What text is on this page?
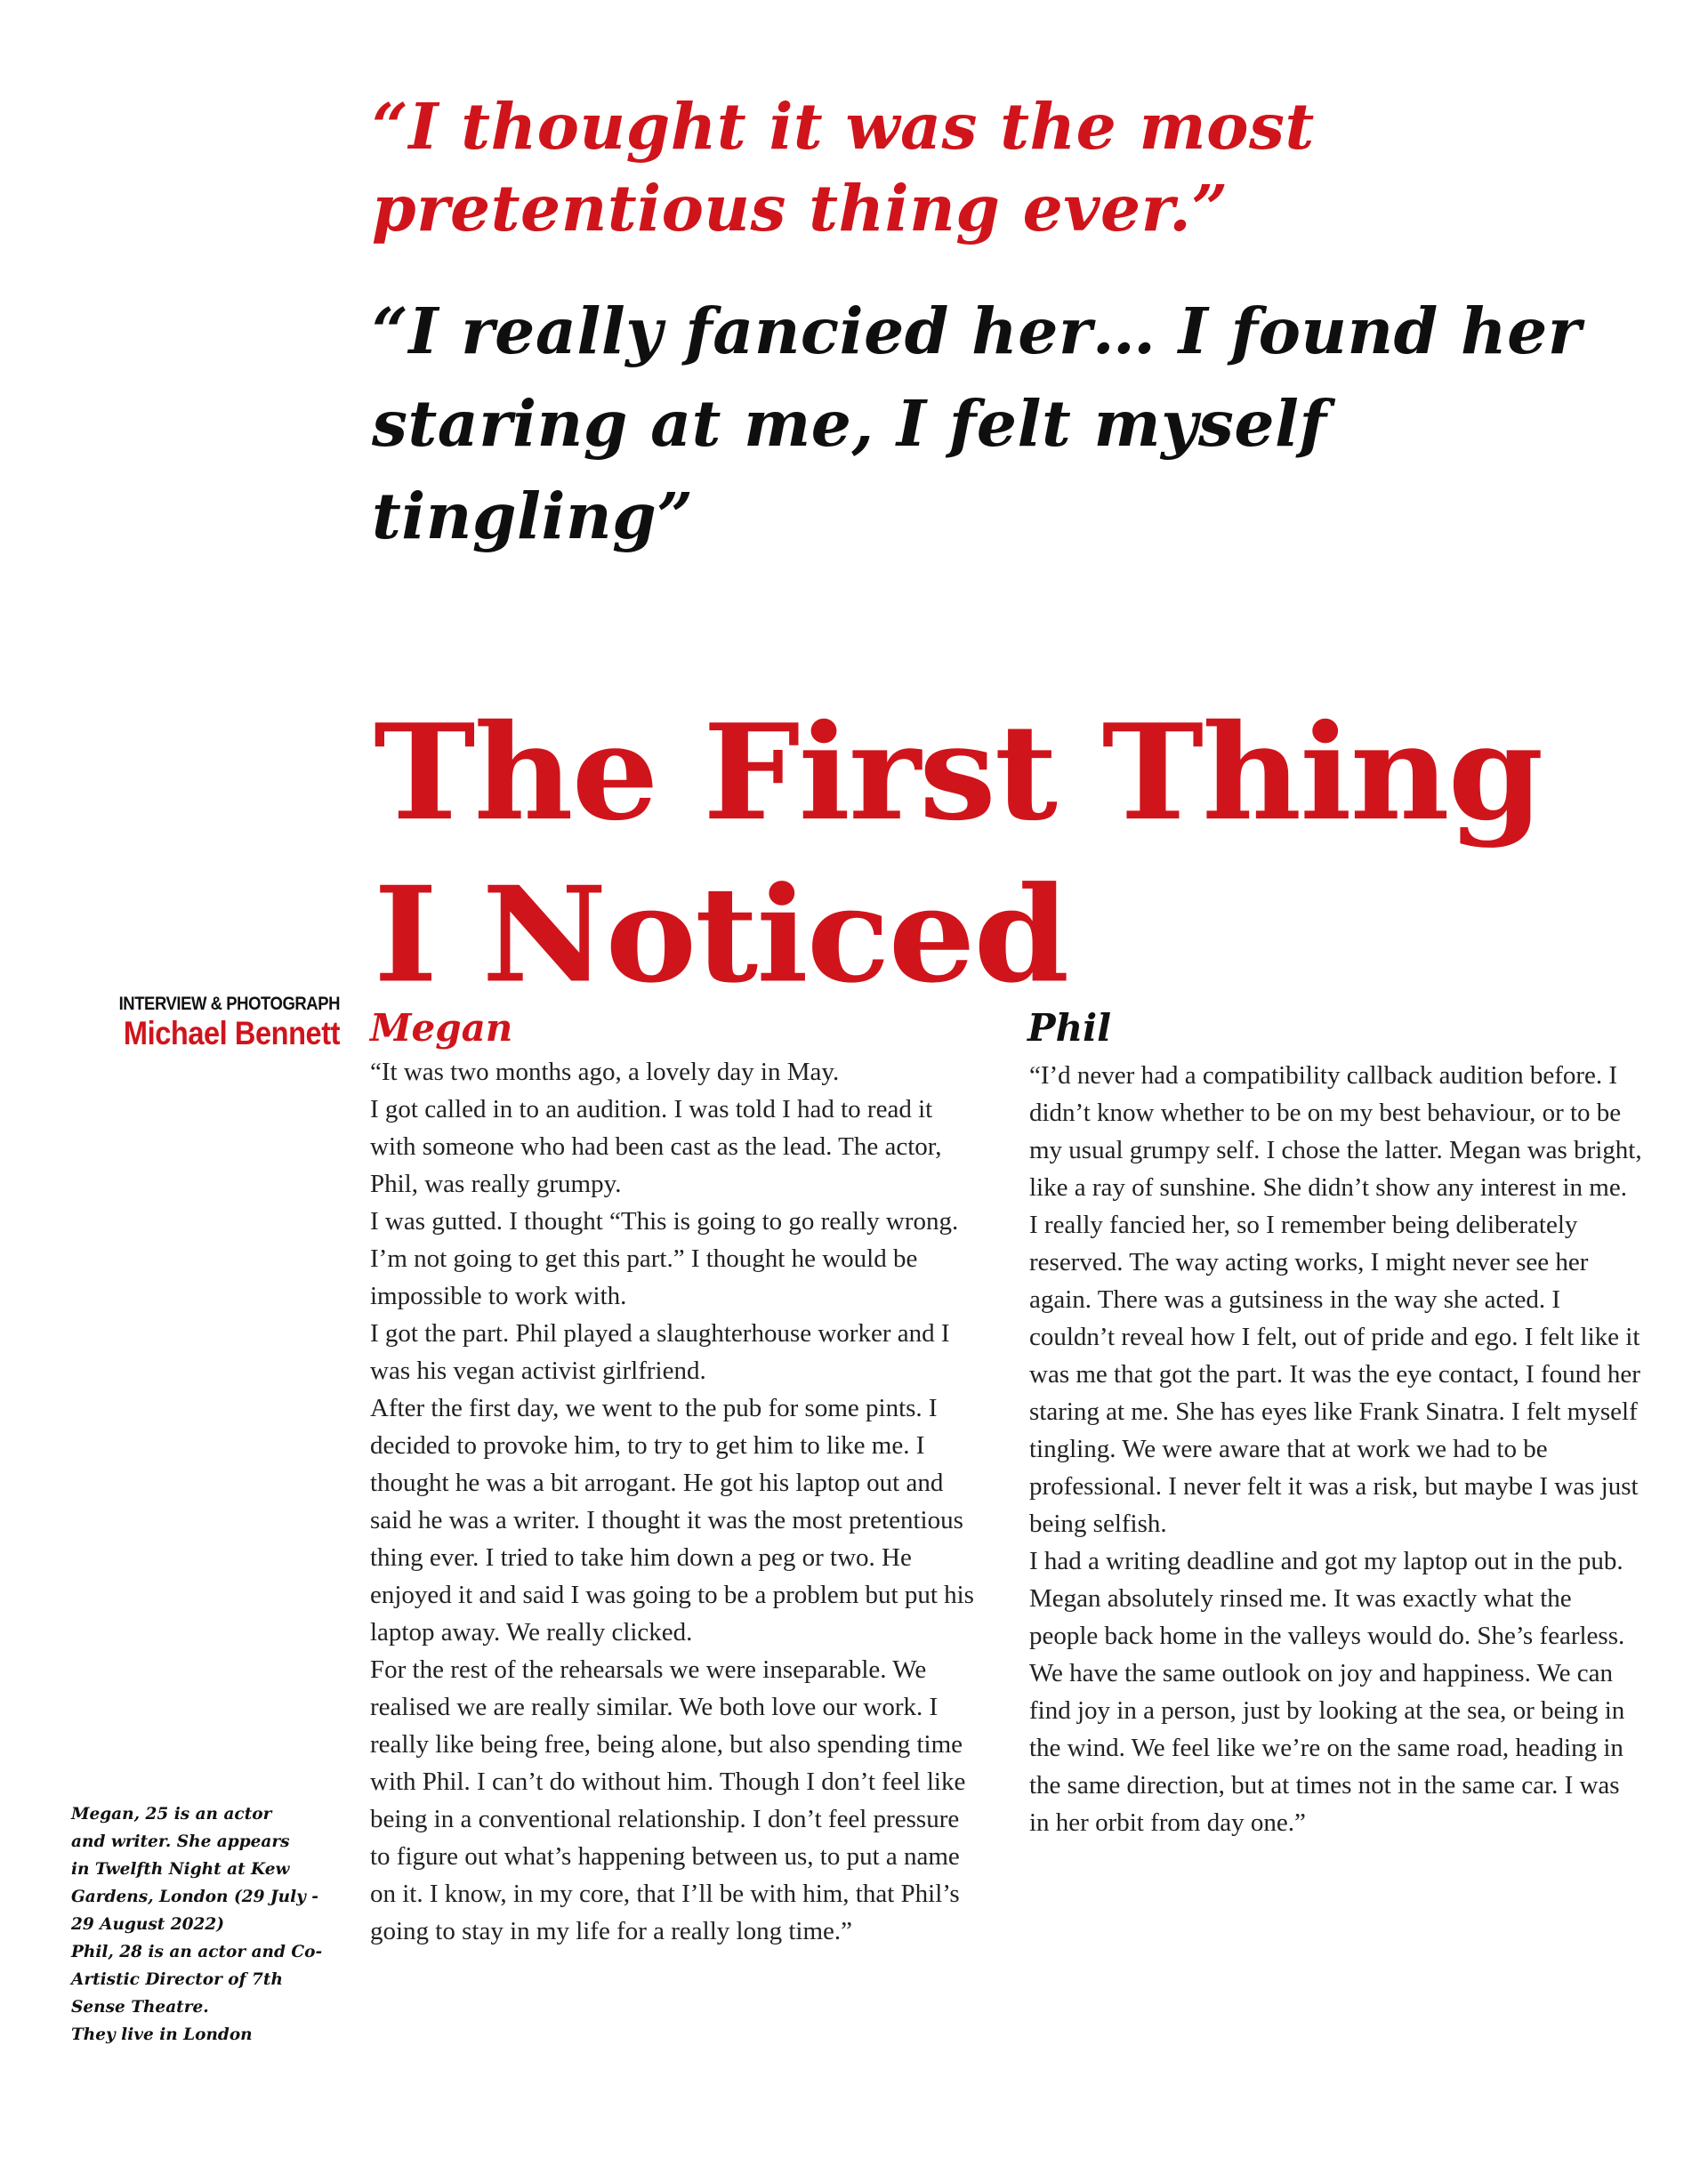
“I thought it was the most pretentious thing ever.”
“I really fancied her… I found her staring at me, I felt myself tingling”
The First Thing
I Noticed
INTERVIEW & PHOTOGRAPH
Michael Bennett Megan	Phil

“It was two months ago, a lovely day in May.
I got called in to an audition. I was told I had to read it with someone who had been cast as the lead. The actor, Phil, was really grumpy.
I was gutted. I thought “This is going to go really wrong. I’m not going to get this part.” I thought he would be impossible to work with.
I got the part. Phil played a slaughterhouse worker and I was his vegan activist girlfriend.
After the first day, we went to the pub for some pints. I decided to provoke him, to try to get him to like me. I thought he was a bit arrogant. He got his laptop out and said he was a writer. I thought it was the most pretentious thing ever. I tried to take him down a peg or two. He enjoyed it and said I was going to be a problem but put his laptop away. We really clicked.
For the rest of the rehearsals we were inseparable. We realised we are really similar. We both love our work. I really like being free, being alone, but also spending time with Phil. I can’t do without him. Though I don’t feel like being in a conventional relationship. I don’t feel pressure to figure out what’s happening between us, to put a name on it. I know, in my core, that I’ll be with him, that Phil’s going to stay in my life for a really long time.”

“I’d never had a compatibility callback audition before. I didn’t know whether to be on my best behaviour, or to be my usual grumpy self. I chose the latter. Megan was bright, like a ray of sunshine. She didn’t show any interest in me.
I really fancied her, so I remember being deliberately reserved. The way acting works, I might never see her again. There was a gutsiness in the way she acted. I couldn’t reveal how I felt, out of pride and ego. I felt like it was me that got the part. It was the eye contact, I found her staring at me. She has eyes like Frank Sinatra. I felt myself tingling. We were aware that at work we had to be professional. I never felt it was a risk, but maybe I was just being selfish.
I had a writing deadline and got my laptop out in the pub. Megan absolutely rinsed me. It was exactly what the people back home in the valleys would do. She’s fearless. We have the same outlook on joy and happiness. We can find joy in a person, just by looking at the sea, or being in the wind. We feel like we’re on the same road, heading in the same direction, but at times not in the same car. I was in her orbit from day one.”

Megan, 25 is an actor
and writer. She appears
in Twelfth Night at Kew Gardens, London (29 July - 29 August 2022)

Phil, 28 is an actor and Co-Artistic Director of 7th Sense Theatre.

They live in London
